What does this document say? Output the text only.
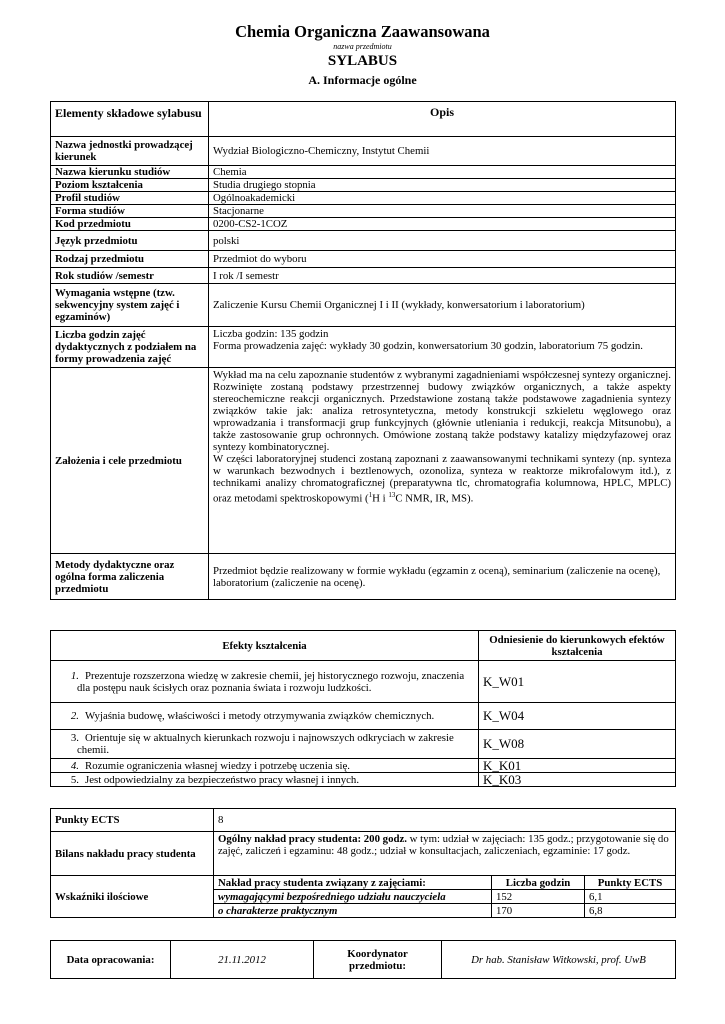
Chemia Organiczna Zaawansowana
nazwa przedmiotu
SYLABUS
A. Informacje ogólne
Elementy składowe sylabusu	Opis
Nazwa jednostki prowadzącej kierunek	Wydział Biologiczno-Chemiczny, Instytut Chemii
Nazwa kierunku studiów	Chemia
Poziom kształcenia	Studia drugiego stopnia
Profil studiów	Ogólnoakademicki
Forma studiów	Stacjonarne
Kod przedmiotu	0200-CS2-1COZ
Język przedmiotu	polski
Rodzaj przedmiotu	Przedmiot do wyboru
Rok studiów /semestr	I rok /I semestr
Wymagania wstępne (tzw. sekwencyjny system zajęć i egzaminów)	Zaliczenie Kursu Chemii Organicznej I i II (wykłady, konwersatorium i laboratorium)
Liczba godzin zajęć dydaktycznych z podziałem na formy prowadzenia zajęć	Liczba godzin: 135 godzin
Forma prowadzenia zajęć: wykłady 30 godzin, konwersatorium 30 godzin, laboratorium 75 godzin.

Założenia i cele przedmiotu	Wykład ma na celu zapoznanie studentów z wybranymi zagadnieniami współczesnej syntezy organicznej. Rozwinięte zostaną podstawy przestrzennej budowy związków organicznych, a także aspekty stereochemiczne reakcji organicznych. Przedstawione zostaną także podstawowe zagadnienia syntezy związków takie jak: analiza retrosyntetyczna, metody konstrukcji szkieletu węglowego oraz wprowadzania i transformacji grup funkcyjnych (głównie utleniania i redukcji, reakcja Mitsunobu), a także zastosowanie grup ochronnych. Omówione zostaną także podstawy katalizy międzyfazowej oraz syntezy kombinatorycznej.
W części laboratoryjnej studenci zostaną zapoznani z zaawansowanymi technikami syntezy (np. synteza w warunkach bezwodnych i beztlenowych, ozonoliza, synteza w reaktorze mikrofalowym itd.), z technikami analizy chromatograficznej (preparatywna tlc, chromatografia kolumnowa, HPLC, MPLC) oraz metodami spektroskopowymi ($^1$H i $^{13}$C NMR, IR, MS).

Metody dydaktyczne oraz ogólna forma zaliczenia przedmiotu	Przedmiot będzie realizowany w formie wykładu (egzamin z oceną), seminarium (zaliczenie na ocenę), laboratorium (zaliczenie na ocenę).
Efekty kształcenia	Odniesienie do kierunkowych efektów kształcenia
1. Prezentuje rozszerzona wiedzę w zakresie chemii, jej historycznego rozwoju, znaczenia dla postępu nauk ścisłych oraz poznania świata i rozwoju ludzkości.	K_W01
2. Wyjaśnia budowę, właściwości i metody otrzymywania związków chemicznych.	K_W04
3. Orientuje się w aktualnych kierunkach rozwoju i najnowszych odkryciach w zakresie chemii.	K_W08
4. Rozumie ograniczenia własnej wiedzy i potrzebę uczenia się.	K_K01
5. Jest odpowiedzialny za bezpieczeństwo pracy własnej i innych.	K_K03
Punkty ECTS	8		
Bilans nakładu pracy studenta	Ogólny nakład pracy studenta: 200 godz. w tym: udział w zajęciach: 135 godz.; przygotowanie się do zajęć, zaliczeń i egzaminu: 48 godz.; udział w konsultacjach, zaliczeniach, egzaminie: 17 godz.		
Wskaźniki ilościowe	Nakład pracy studenta związany z zajęciami:	Liczba godzin	Punkty ECTS
	wymagającymi bezpośredniego udziału nauczyciela	152	6,1
	o charakterze praktycznym	170	6,8
Data opracowania:	21.11.2012	Koordynator przedmiotu:	Dr hab. Stanisław Witkowski, prof. UwB
